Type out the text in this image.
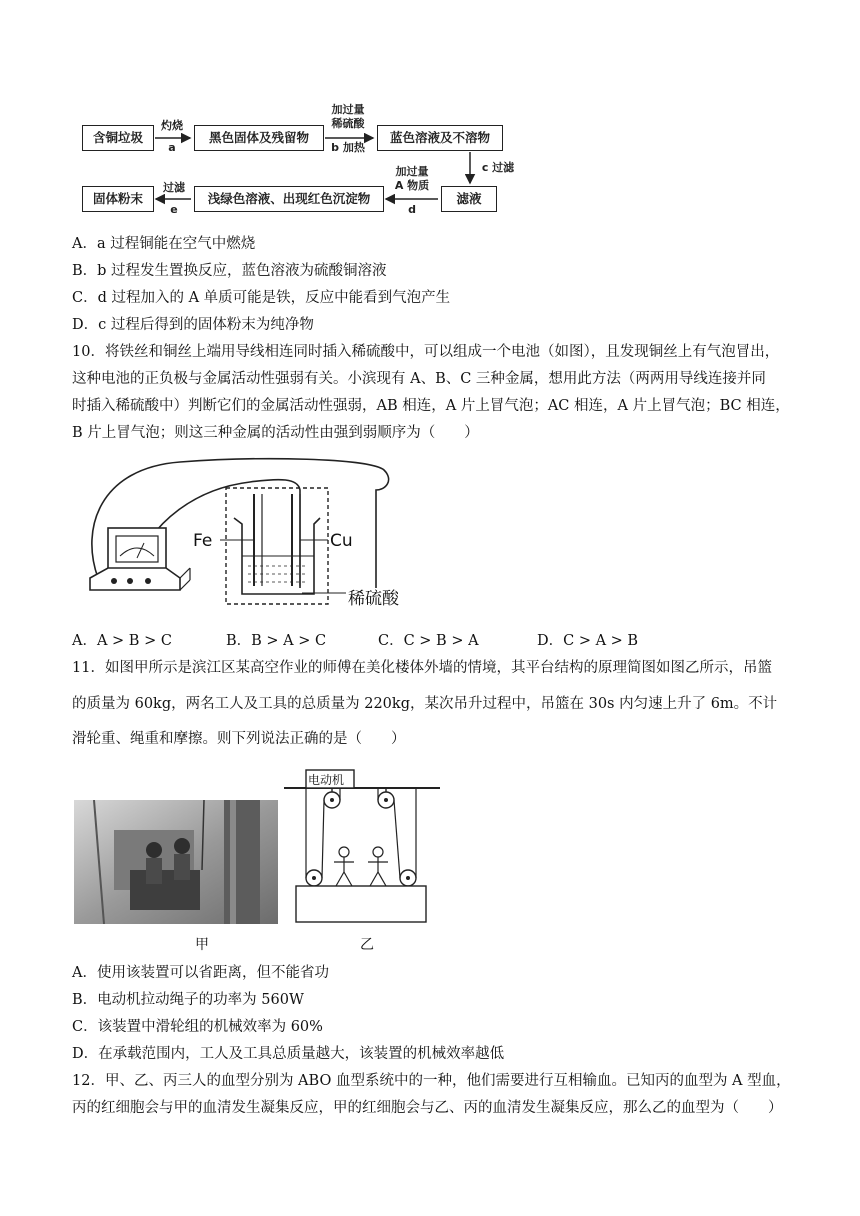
含铜垃圾	黑色固体及残留物	蓝色溶液及不溶物
滤液
浅绿色溶液、出现红色沉淀物
固体粉末
灼烧
a
加过量
稀硫酸
b 加热
c 过滤
加过量
A 物质
d
过滤
e
A．a 过程铜能在空气中燃烧
B．b 过程发生置换反应，蓝色溶液为硫酸铜溶液
C．d 过程加入的 A 单质可能是铁，反应中能看到气泡产生
D．c 过程后得到的固体粉末为纯净物
10．将铁丝和铜丝上端用导线相连同时插入稀硫酸中，可以组成一个电池（如图），且发现铜丝上有气泡冒出，
这种电池的正负极与金属活动性强弱有关。小滨现有 A、B、C 三种金属，想用此方法（两两用导线连接并同
时插入稀硫酸中）判断它们的金属活动性强弱，AB 相连，A 片上冒气泡；AC 相连，A 片上冒气泡；BC 相连，
B 片上冒气泡；则这三种金属的活动性由强到弱顺序为（　　）
Fe	Cu
稀硫酸
A．A > B > C	B．B > A > C	C．C > B > A	D．C > A > B
11．如图甲所示是滨江区某高空作业的师傅在美化楼体外墙的情境，其平台结构的原理简图如图乙所示，吊篮
的质量为 60kg，两名工人及工具的总质量为 220kg，某次吊升过程中，吊篮在 30s 内匀速上升了 6m。不计
滑轮重、绳重和摩擦。则下列说法正确的是（　　）
电动机
甲	乙
A．使用该装置可以省距离，但不能省功
B．电动机拉动绳子的功率为 560W
C．该装置中滑轮组的机械效率为 60%
D．在承载范围内，工人及工具总质量越大，该装置的机械效率越低
12．甲、乙、丙三人的血型分别为 ABO 血型系统中的一种，他们需要进行互相输血。已知丙的血型为 A 型血，
丙的红细胞会与甲的血清发生凝集反应，甲的红细胞会与乙、丙的血清发生凝集反应，那么乙的血型为（　　）
